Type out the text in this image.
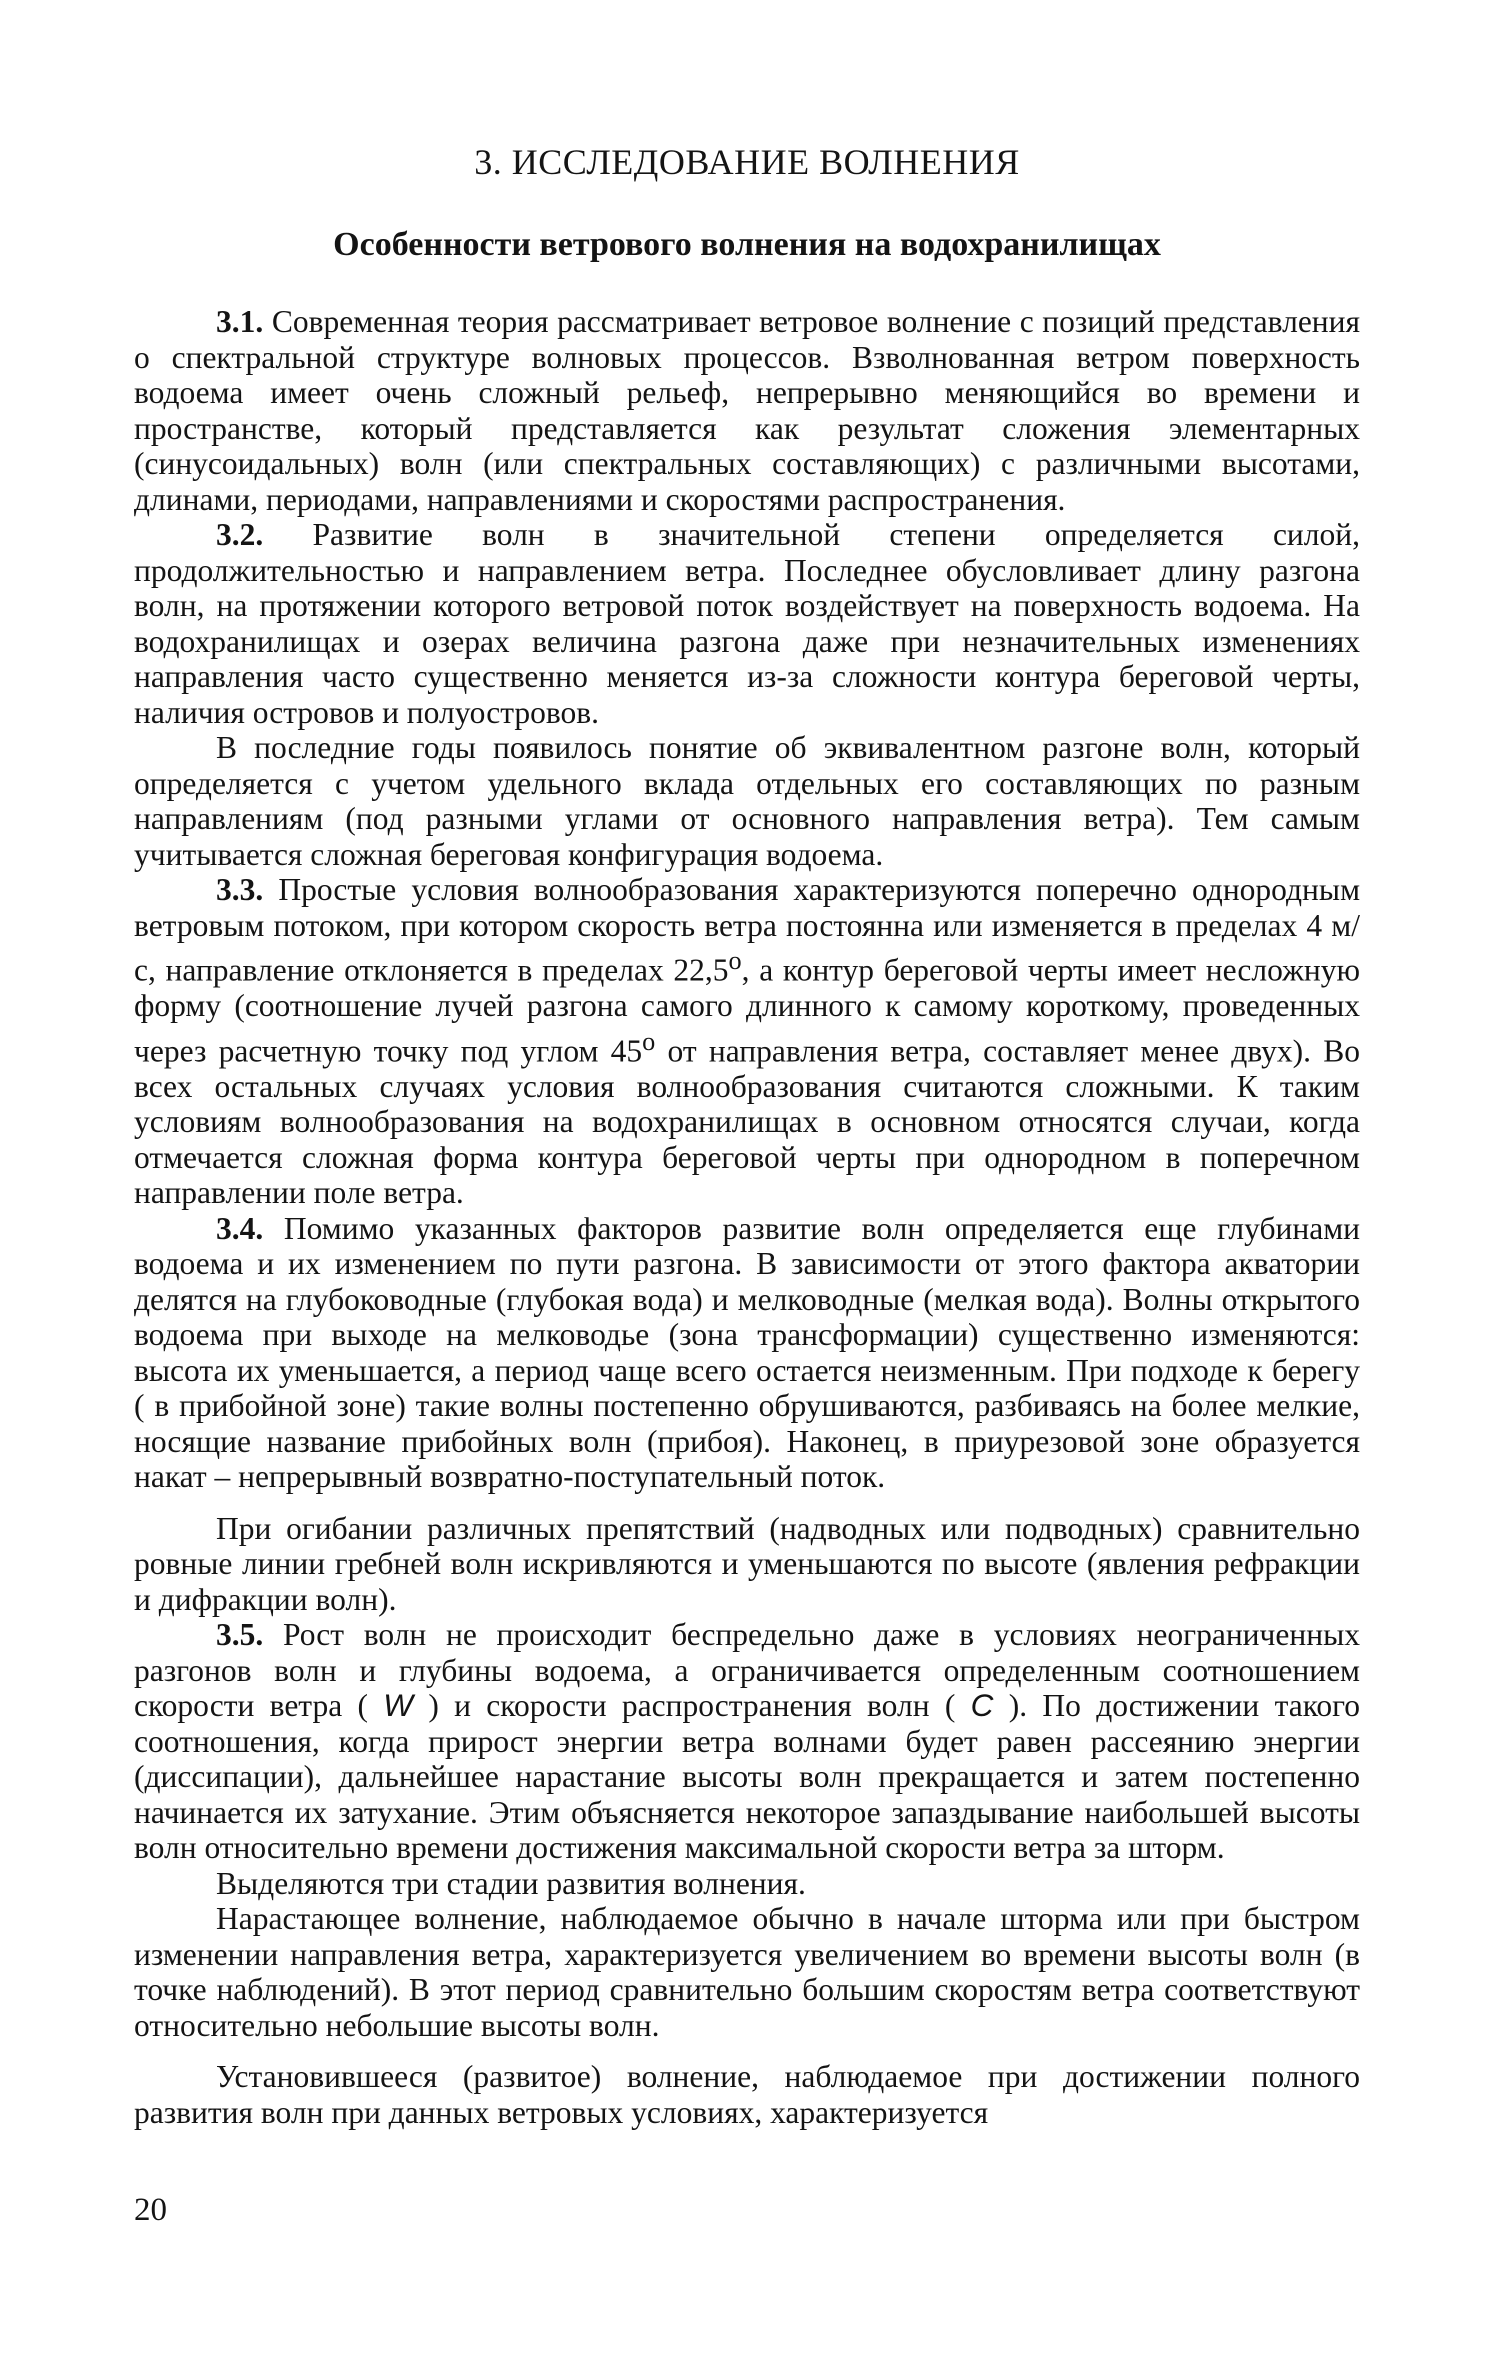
3. ИССЛЕДОВАНИЕ ВОЛНЕНИЯ
Особенности ветрового волнения на водохранилищах

3.1. Современная теория рассматривает ветровое волнение с позиций представления о спектральной структуре волновых процессов. Взволнованная ветром поверхность водоема имеет очень сложный рельеф, непрерывно меняющийся во времени и пространстве, который представляется как результат сложения элементарных (синусоидальных) волн (или спектральных составляющих) с различными высотами, длинами, периодами, направлениями и скоростями распространения.

3.2. Развитие волн в значительной степени определяется силой, продолжительностью и направлением ветра. Последнее обусловливает длину разгона волн, на протяжении которого ветровой поток воздействует на поверхность водоема. На водохранилищах и озерах величина разгона даже при незначительных изменениях направления часто существенно меняется из-за сложности контура береговой черты, наличия островов и полуостровов.

В последние годы появилось понятие об эквивалентном разгоне волн, который определяется с учетом удельного вклада отдельных его составляющих по разным направлениям (под разными углами от основного направления ветра). Тем самым учитывается сложная береговая конфигурация водоема.

3.3. Простые условия волнообразования характеризуются поперечно однородным ветровым потоком, при котором скорость ветра постоянна или изменяется в пределах 4 м/с, направление отклоняется в пределах $22,5^о$, а контур береговой черты имеет несложную форму (соотношение лучей разгона самого длинного к самому короткому, проведенных через расчетную точку под углом $45^о$ от направления ветра, составляет менее двух). Во всех остальных случаях условия волнообразования считаются сложными. К таким условиям волнообразования на водохранилищах в основном относятся случаи, когда отмечается сложная форма контура береговой черты при однородном в поперечном направлении поле ветра.

3.4. Помимо указанных факторов развитие волн определяется еще глубинами водоема и их изменением по пути разгона. В зависимости от этого фактора акватории делятся на глубоководные (глубокая вода) и мелководные (мелкая вода). Волны открытого водоема при выходе на мелководье (зона трансформации) существенно изменяются: высота их уменьшается, а период чаще всего остается неизменным. При подходе к берегу ( в прибойной зоне) такие волны постепенно обрушиваются, разбиваясь на более мелкие, носящие название прибойных волн (прибоя). Наконец, в приурезовой зоне образуется накат – непрерывный возвратно-поступательный поток.

При огибании различных препятствий (надводных или подводных) сравнительно ровные линии гребней волн искривляются и уменьшаются по высоте (явления рефракции и дифракции волн).

3.5. Рост волн не происходит беспредельно даже в условиях неограниченных разгонов волн и глубины водоема, а ограничивается определенным соотношением скорости ветра ( W ) и скорости распространения волн ( C ). По достижении такого соотношения, когда прирост энергии ветра волнами будет равен рассеянию энергии (диссипации), дальнейшее нарастание высоты волн прекращается и затем постепенно начинается их затухание. Этим объясняется некоторое запаздывание наибольшей высоты волн относительно времени достижения максимальной скорости ветра за шторм.

Выделяются три стадии развития волнения.

Нарастающее волнение, наблюдаемое обычно в начале шторма или при быстром изменении направления ветра, характеризуется увеличением во времени высоты волн (в точке наблюдений). В этот период сравнительно большим скоростям ветра соответствуют относительно небольшие высоты волн.

Установившееся (развитое) волнение, наблюдаемое при достижении полного развития волн при данных ветровых условиях, характеризуется

20
